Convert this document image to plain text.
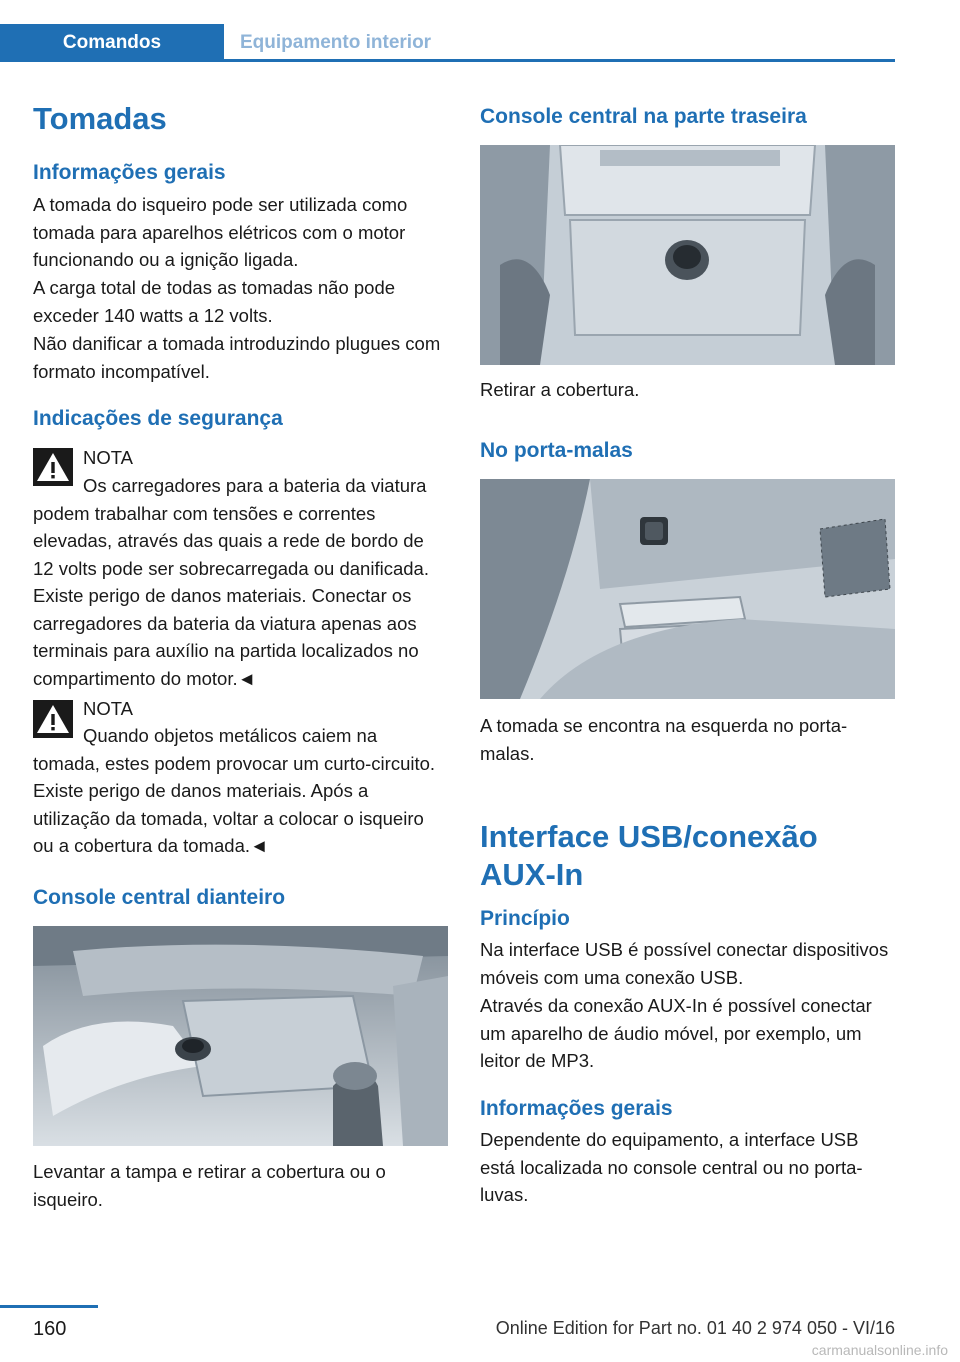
Comandos	Equipamento interior
Tomadas
Informações gerais

A tomada do isqueiro pode ser utilizada como tomada para aparelhos elétricos com o motor funcionando ou a ignição ligada.

A carga total de todas as tomadas não pode exceder 140 watts a 12 volts.

Não danificar a tomada introduzindo plugues com formato incompatível.

Indicações de segurança
NOTA
Os carregadores para a bateria da viatura podem trabalhar com tensões e correntes elevadas, através das quais a rede de bordo de 12 volts pode ser sobrecarregada ou danificada. Existe perigo de danos materiais. Conectar os carregadores da bateria da viatura apenas aos terminais para auxílio na partida localizados no compartimento do motor.◄
NOTA
Quando objetos metálicos caiem na tomada, estes podem provocar um curto-circuito. Existe perigo de danos materiais. Após a utilização da tomada, voltar a colocar o isqueiro ou a cobertura da tomada.◄
Console central dianteiro

Levantar a tampa e retirar a cobertura ou o isqueiro.

Console central na parte traseira

Retirar a cobertura.

No porta-malas

A tomada se encontra na esquerda no porta-malas.

Interface USB/conexão AUX-In
Princípio

Na interface USB é possível conectar dispositivos móveis com uma conexão USB.

Através da conexão AUX-In é possível conectar um aparelho de áudio móvel, por exemplo, um leitor de MP3.

Informações gerais

Dependente do equipamento, a interface USB está localizada no console central ou no porta-luvas.

160	Online Edition for Part no. 01 40 2 974 050 - VI/16
carmanualsonline.info
